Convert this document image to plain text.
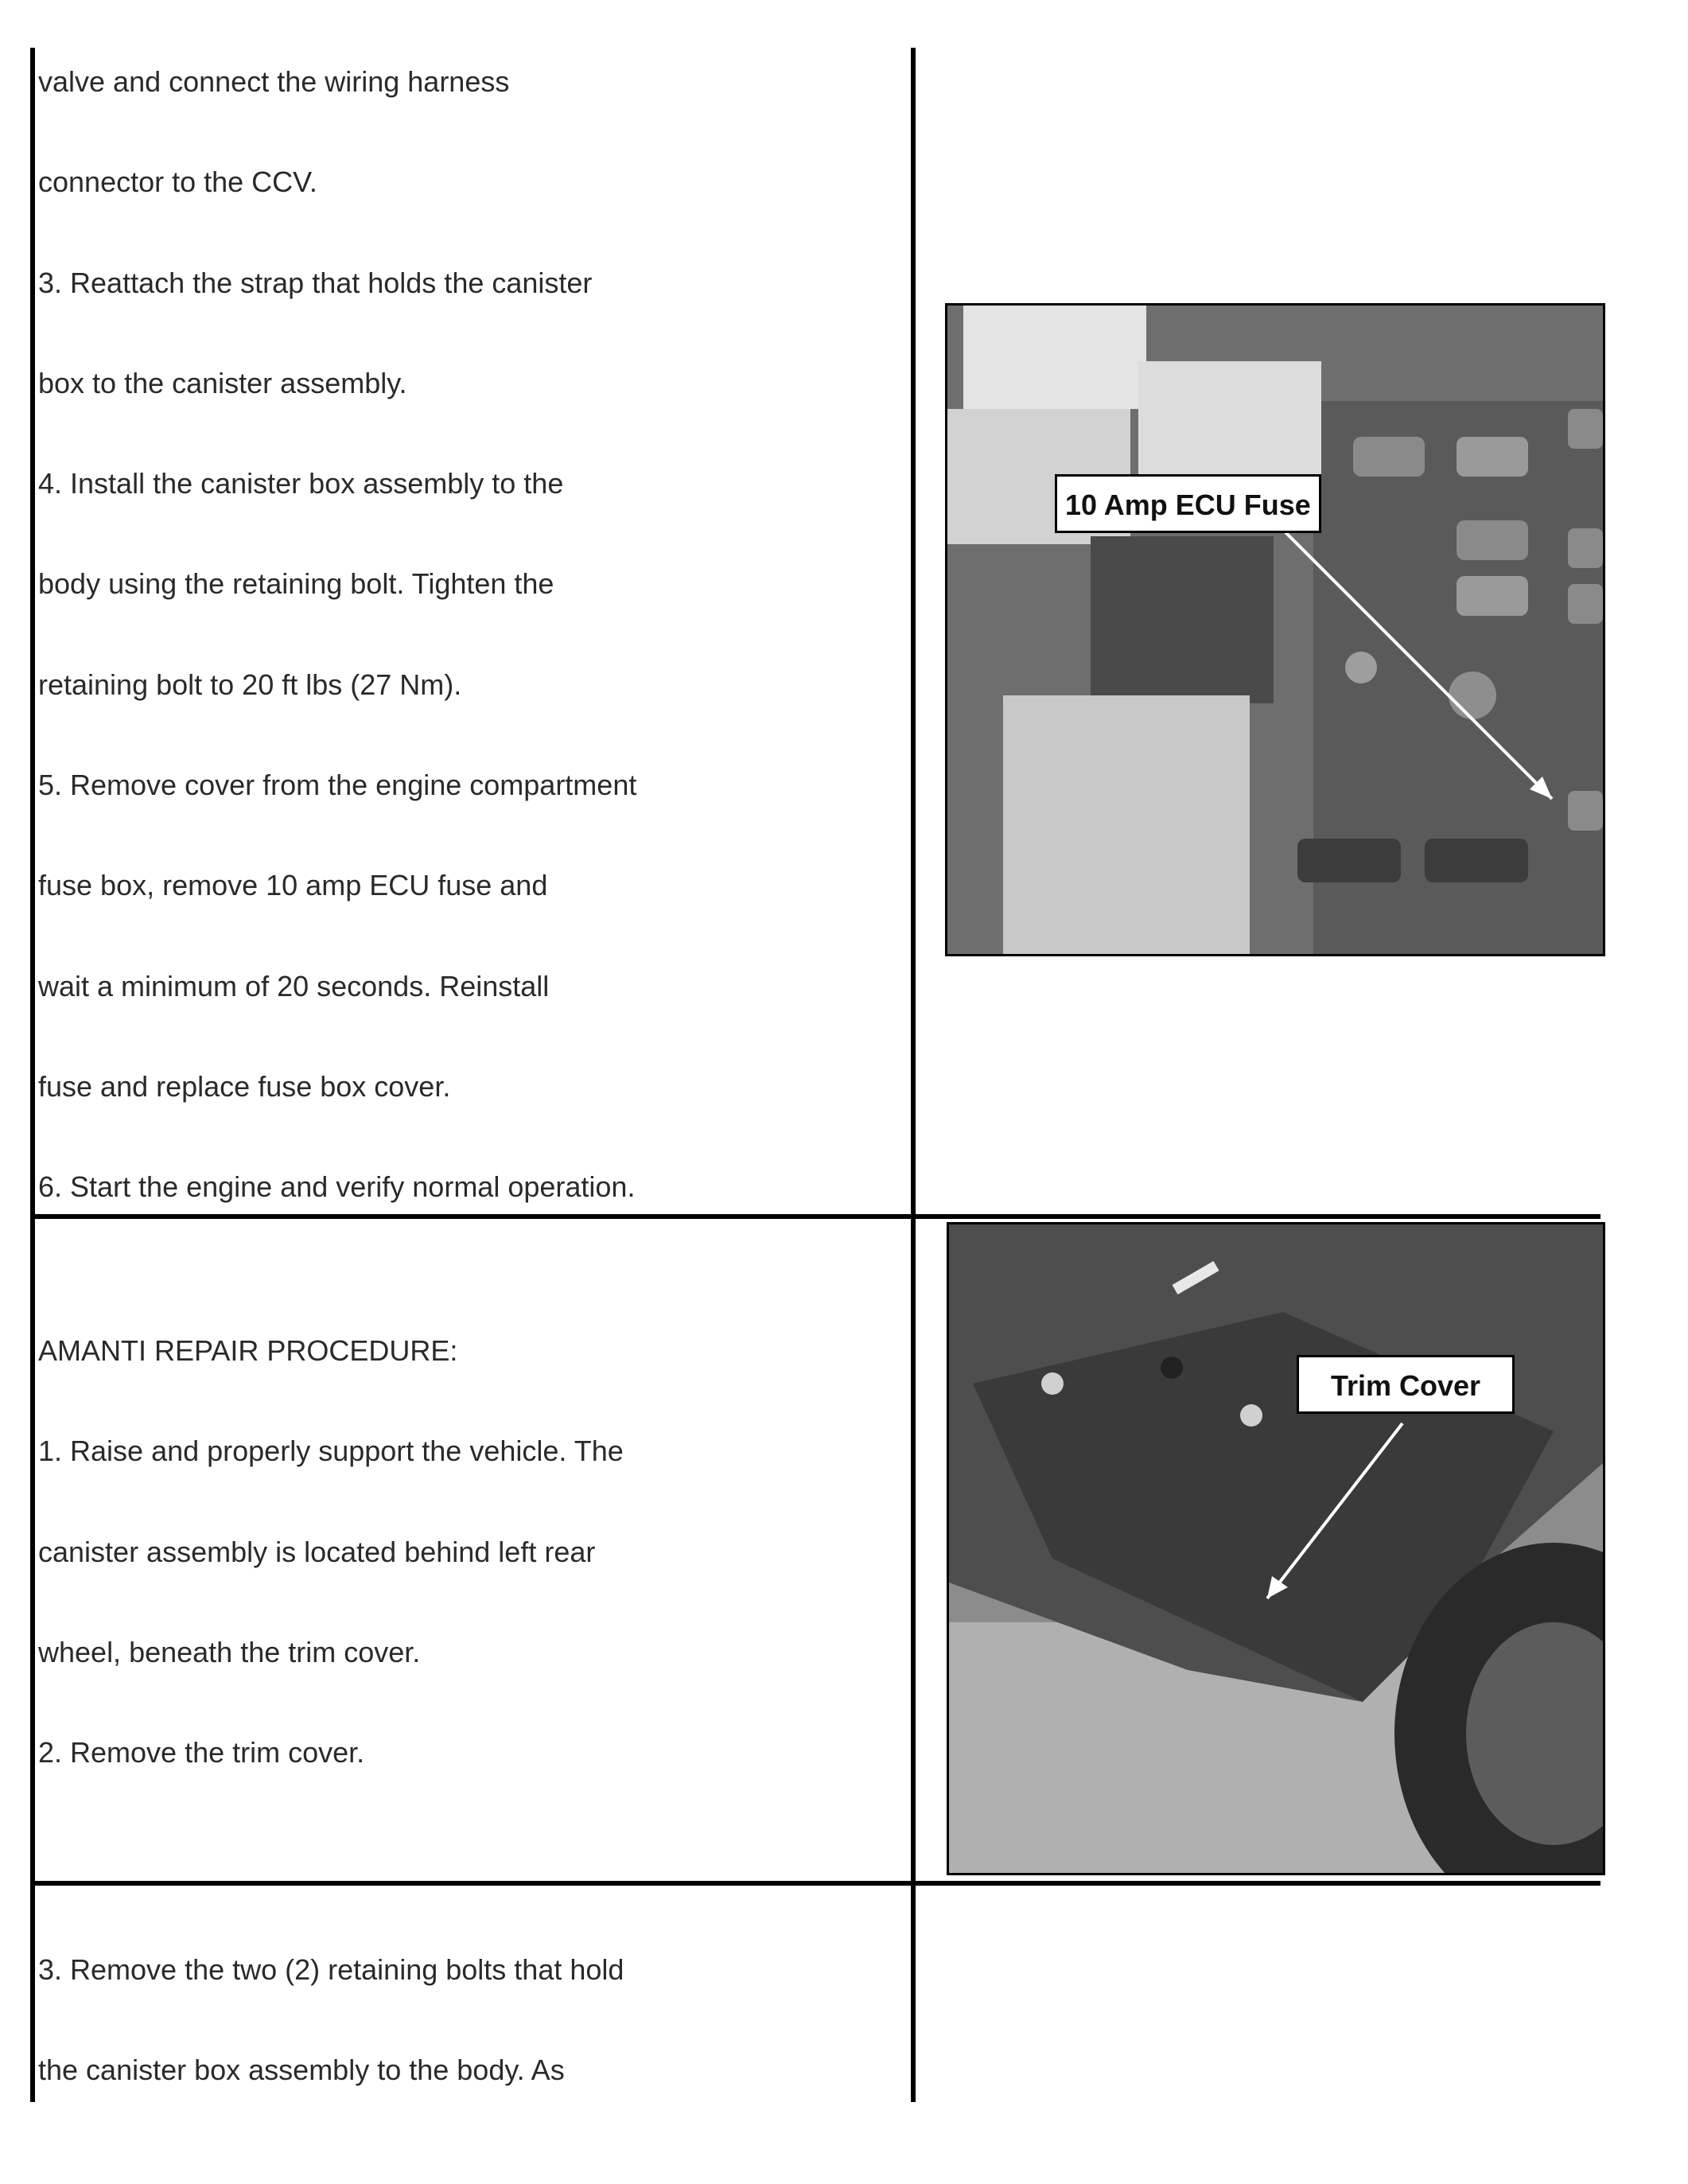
valve and connect the wiring harness
connector to the CCV.
3. Reattach the strap that holds the canister
box to the canister assembly.
4. Install the canister box assembly to the
body using the retaining bolt. Tighten the
retaining bolt to 20 ft lbs (27 Nm).
5. Remove cover from the engine compartment
fuse box, remove 10 amp ECU fuse and
wait a minimum of 20 seconds. Reinstall
fuse and replace fuse box cover.
6. Start the engine and verify normal operation.
10 Amp ECU Fuse
AMANTI REPAIR PROCEDURE:
1. Raise and properly support the vehicle. The
canister assembly is located behind left rear
wheel, beneath the trim cover.
2. Remove the trim cover.
Trim Cover
3. Remove the two (2) retaining bolts that hold
the canister box assembly to the body. As
